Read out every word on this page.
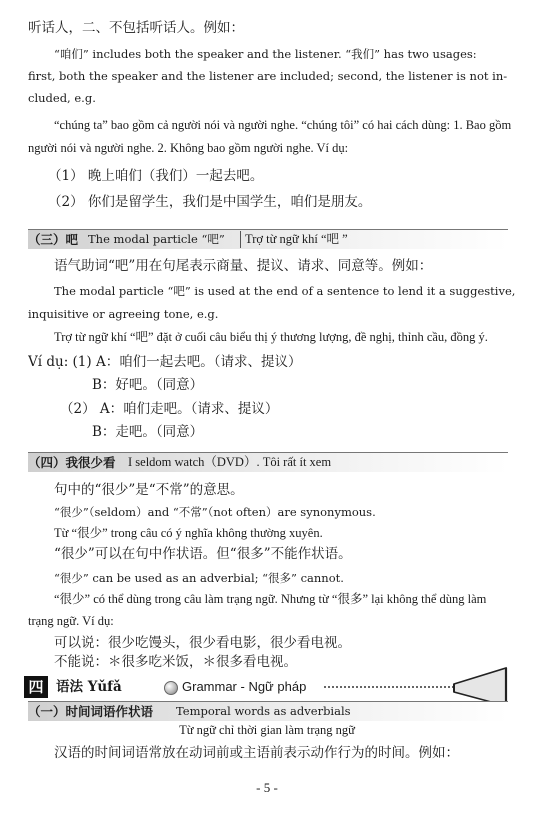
听话人，二、不包括听话人。例如：
“咱们” includes both the speaker and the listener. “我们” has two usages:
first, both the speaker and the listener are included; second, the listener is not in-
cluded, e.g.
“chúng ta” bao gồm cả người nói và người nghe. “chúng tôi” có hai cách dùng: 1. Bao gồm
người nói và người nghe. 2. Không bao gồm người nghe. Ví dụ:
（1） 晚上咱们（我们）一起去吧。
（2） 你们是留学生，我们是中国学生，咱们是朋友。
（三）吧 The modal particle “吧”	Trợ từ ngữ khí “吧 ”
语气助词“吧”用在句尾表示商量、提议、请求、同意等。例如：
The modal particle “吧” is used at the end of a sentence to lend it a suggestive,
inquisitive or agreeing tone, e.g.
Trợ từ ngữ khí “吧” đặt ở cuối câu biểu thị ý thương lượng, đề nghị, thỉnh cầu, đồng ý.
Ví dụ: (1) A：咱们一起去吧。（请求、提议）
B：好吧。（同意）
（2） A：咱们走吧。（请求、提议）
B：走吧。（同意）
（四）我很少看 I seldom watch（DVD）. Tôi rất ít xem
句中的“很少”是“不常”的意思。
“很少”（seldom）and “不常”（not often）are synonymous.
Từ “很少” trong câu có ý nghĩa không thường xuyên.
“很少”可以在句中作状语。但“很多”不能作状语。
“很少” can be used as an adverbial; “很多” cannot.
“很少” có thể dùng trong câu làm trạng ngữ. Nhưng từ “很多” lại không thể dùng làm
trạng ngữ. Ví dụ:
可以说：很少吃馒头，很少看电影，很少看电视。
不能说：＊很多吃米饭，＊很多看电视。
四 语法 Yǔfǎ	Grammar - Ngữ pháp
（一）时间词语作状语 Temporal words as adverbials
Từ ngữ chỉ thời gian làm trạng ngữ
汉语的时间词语常放在动词前或主语前表示动作行为的时间。例如：
- 5 -
